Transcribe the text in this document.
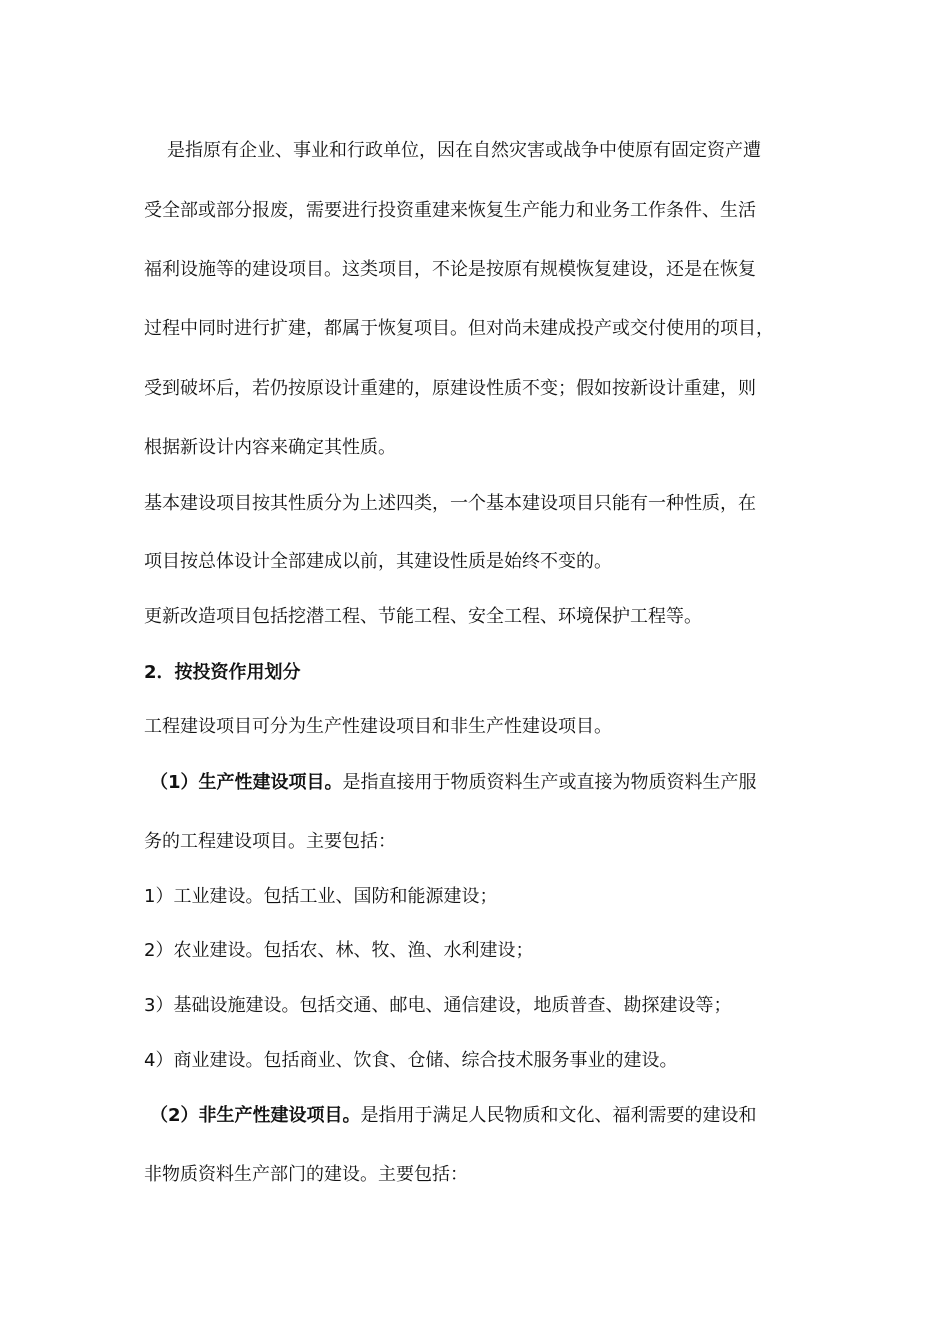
是指原有企业、事业和行政单位，因在自然灾害或战争中使原有固定资产遭
受全部或部分报废，需要进行投资重建来恢复生产能力和业务工作条件、生活
福利设施等的建设项目。这类项目，不论是按原有规模恢复建设，还是在恢复
过程中同时进行扩建，都属于恢复项目。但对尚未建成投产或交付使用的项目，
受到破坏后，若仍按原设计重建的，原建设性质不变；假如按新设计重建，则
根据新设计内容来确定其性质。
基本建设项目按其性质分为上述四类，一个基本建设项目只能有一种性质，在
项目按总体设计全部建成以前，其建设性质是始终不变的。
更新改造项目包括挖潜工程、节能工程、安全工程、环境保护工程等。
2．按投资作用划分
工程建设项目可分为生产性建设项目和非生产性建设项目。
（1）生产性建设项目。是指直接用于物质资料生产或直接为物质资料生产服
务的工程建设项目。主要包括：
1）工业建设。包括工业、国防和能源建设；
2）农业建设。包括农、林、牧、渔、水利建设；
3）基础设施建设。包括交通、邮电、通信建设，地质普查、勘探建设等；
4）商业建设。包括商业、饮食、仓储、综合技术服务事业的建设。
（2）非生产性建设项目。是指用于满足人民物质和文化、福利需要的建设和
非物质资料生产部门的建设。主要包括：
